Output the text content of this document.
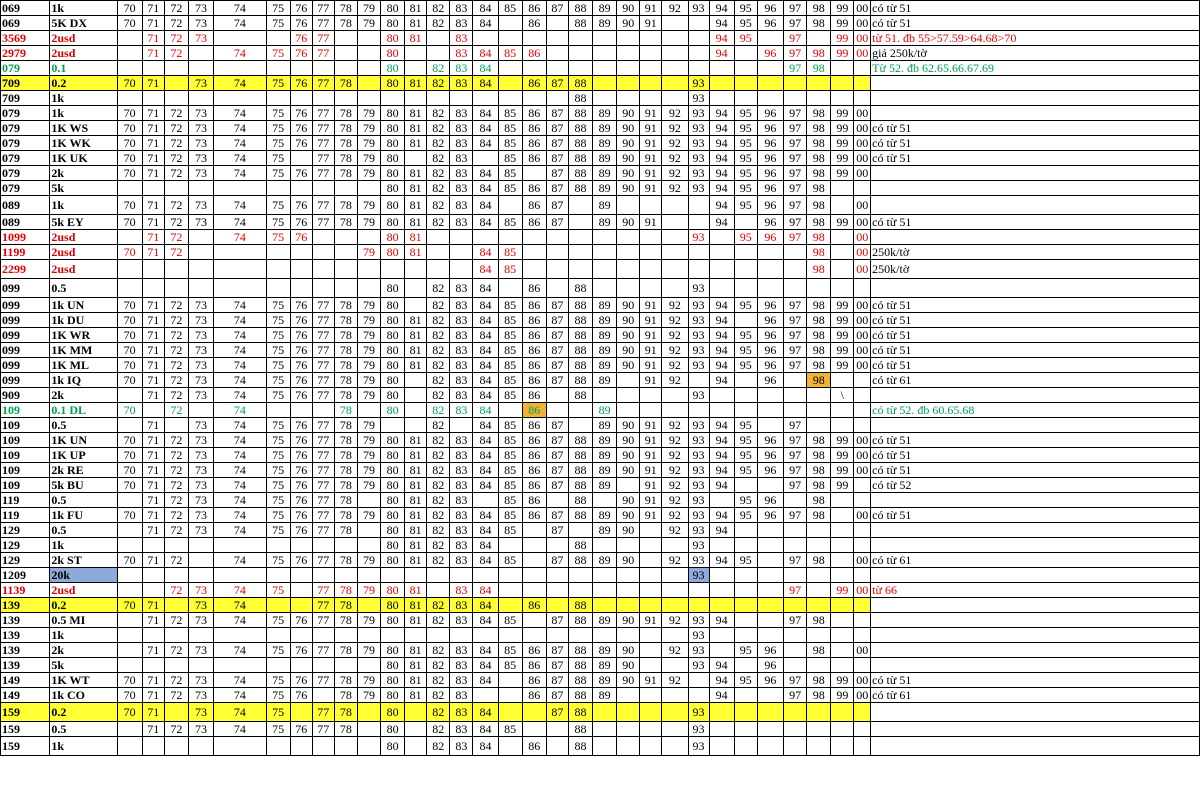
069	1k	70	71	72	73	74	75	76	77	78	79	80	81	82	83	84	85	86	87	88	89	90	91	92	93	94	95	96	97	98	99	00	có từ 51
069	5K DX	70	71	72	73	74	75	76	77	78	79	80	81	82	83	84		86		88	89	90	91			94	95	96	97	98	99	00	có từ 51
3569	2usd		71	72	73			76	77			80	81		83											94	95		97		99	00	từ 51. đb 55>57.59>64.68>70
2979	2usd		71	72		74	75	76	77			80			83	84	85	86								94		96	97	98	99	00	giá 250k/tờ
079	0.1											80		82	83	84													97	98			Từ 52. đb 62.65.66.67.69
709	0.2	70	71		73	74	75	76	77	78		80	81	82	83	84		86	87	88					93								
709	1k																			88					93								
079	1k	70	71	72	73	74	75	76	77	78	79	80	81	82	83	84	85	86	87	88	89	90	91	92	93	94	95	96	97	98	99	00	
079	1K WS	70	71	72	73	74	75	76	77	78	79	80	81	82	83	84	85	86	87	88	89	90	91	92	93	94	95	96	97	98	99	00	có từ 51
079	1K WK	70	71	72	73	74	75	76	77	78	79	80	81	82	83	84	85	86	87	88	89	90	91	92	93	94	95	96	97	98	99	00	có từ 51
079	1K UK	70	71	72	73	74	75		77	78	79	80		82	83		85	86	87	88	89	90	91	92	93	94	95	96	97	98	99	00	có từ 51
079	2k	70	71	72	73	74	75	76	77	78	79	80	81	82	83	84	85		87	88	89	90	91	92	93	94	95	96	97	98	99	00	
079	5k											80	81	82	83	84	85	86	87	88	89	90	91	92	93	94	95	96	97	98			
089	1k	70	71	72	73	74	75	76	77	78	79	80	81	82	83	84		86	87		89					94	95	96	97	98		00	
089	5k EY	70	71	72	73	74	75	76	77	78	79	80	81	82	83	84	85	86	87		89	90	91			94		96	97	98	99	00	có từ 51
1099	2usd		71	72		74	75	76				80	81												93		95	96	97	98		00	
1199	2usd	70	71	72							79	80	81			84	85													98		00	250k/tờ
2299	2usd															84	85													98		00	250k/tờ
099	0.5											80		82	83	84		86		88					93								
099	1k UN	70	71	72	73	74	75	76	77	78	79	80		82	83	84	85	86	87	88	89	90	91	92	93	94	95	96	97	98	99	00	có từ 51
099	1k DU	70	71	72	73	74	75	76	77	78	79	80	81	82	83	84	85	86	87	88	89	90	91	92	93	94		96	97	98	99	00	có từ 51
099	1K WR	70	71	72	73	74	75	76	77	78	79	80	81	82	83	84	85	86	87	88	89	90	91	92	93	94	95	96	97	98	99	00	có từ 51
099	1K MM	70	71	72	73	74	75	76	77	78	79	80	81	82	83	84	85	86	87	88	89	90	91	92	93	94	95	96	97	98	99	00	có từ 51
099	1K ML	70	71	72	73	74	75	76	77	78	79	80	81	82	83	84	85	86	87	88	89	90	91	92	93	94	95	96	97	98	99	00	có từ 51
099	1k IQ	70	71	72	73	74	75	76	77	78	79	80		82	83	84	85	86	87	88	89		91	92		94		96		98			có từ 61
909	2k		71	72	73	74	75	76	77	78	79	80		82	83	84	85	86		88					93						\		
109	0.1 DL	70		72		74				78		80		82	83	84		86			89												có từ 52. đb 60.65.68
109	0.5		71		73	74	75	76	77	78	79			82		84	85	86	87		89	90	91	92	93	94	95		97				
109	1K UN	70	71	72	73	74	75	76	77	78	79	80	81	82	83	84	85	86	87	88	89	90	91	92	93	94	95	96	97	98	99	00	có từ 51
109	1K UP	70	71	72	73	74	75	76	77	78	79	80	81	82	83	84	85	86	87	88	89	90	91	92	93	94	95	96	97	98	99	00	có từ 51
109	2k RE	70	71	72	73	74	75	76	77	78	79	80	81	82	83	84	85	86	87	88	89	90	91	92	93	94	95	96	97	98	99	00	có từ 51
109	5k BU	70	71	72	73	74	75	76	77	78	79	80	81	82	83	84	85	86	87	88	89		91	92	93	94			97	98	99		có từ 52
119	0.5		71	72	73	74	75	76	77	78		80	81	82	83		85	86		88		90	91	92	93		95	96		98			
119	1k FU	70	71	72	73	74	75	76	77	78	79	80	81	82	83	84	85	86	87	88	89	90	91	92	93	94	95	96	97	98		00	có từ 51
129	0.5		71	72	73	74	75	76	77	78		80	81	82	83	84	85		87		89	90		92	93	94							
129	1k											80	81	82	83	84				88					93								
129	2k ST	70	71	72		74	75	76	77	78	79	80	81	82	83	84	85		87	88	89	90		92	93	94	95		97	98		00	có từ 61
1209	20k																								93								
1139	2usd			72	73	74	75		77	78	79	80	81		83	84													97		99	00	từ 66
139	0.2	70	71		73	74			77	78		80	81	82	83	84		86		88													
139	0.5 MI		71	72	73	74	75	76	77	78	79	80	81	82	83	84	85		87	88	89	90	91	92	93	94			97	98			
139	1k																								93								
139	2k		71	72	73	74	75	76	77	78	79	80	81	82	83	84	85	86	87	88	89	90		92	93		95	96		98		00	
139	5k											80	81	82	83	84	85	86	87	88	89	90			93	94		96					
149	1K WT	70	71	72	73	74	75	76	77	78	79	80	81	82	83	84		86	87	88	89	90	91	92		94	95	96	97	98	99	00	có từ 51
149	1k CO	70	71	72	73	74	75	76		78	79	80	81	82	83			86	87	88	89					94			97	98	99	00	có từ 61
159	0.2	70	71		73	74	75		77	78		80		82	83	84			87	88					93								
159	0.5		71	72	73	74	75	76	77	78		80		82	83	84	85			88					93								
159	1k											80		82	83	84		86		88					93								
